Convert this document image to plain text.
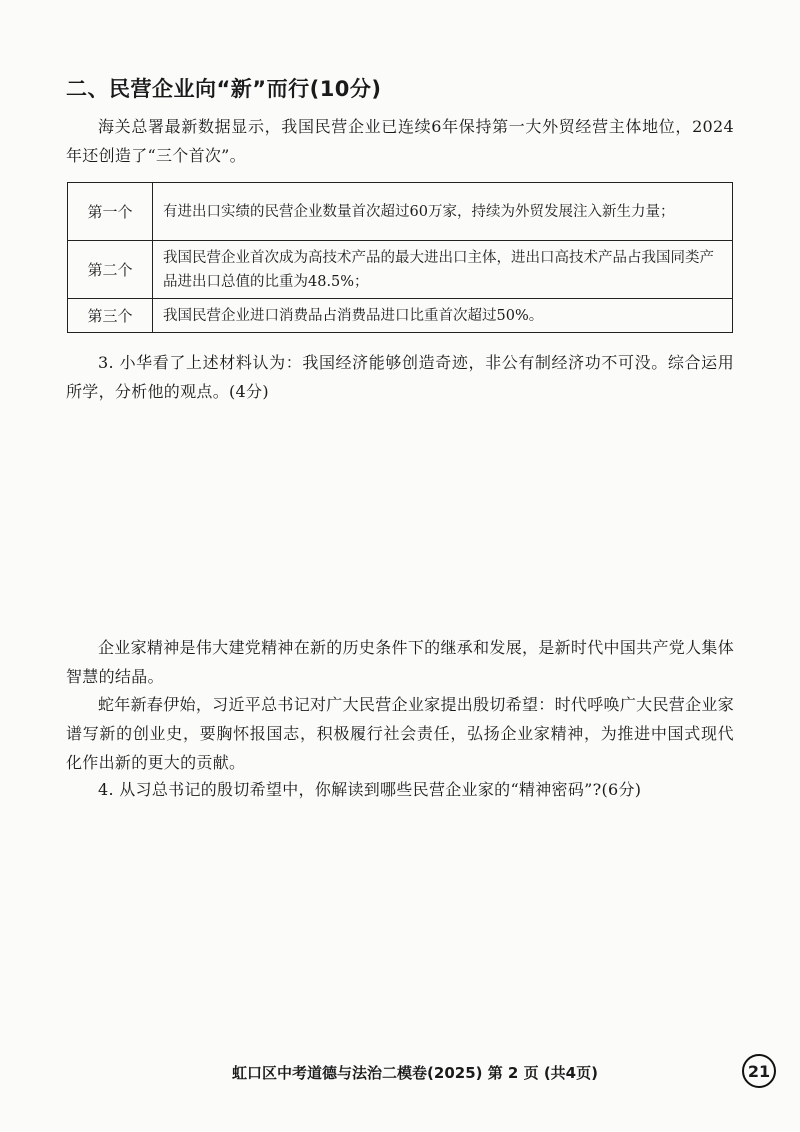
二、民营企业向“新”而行(10分)
海关总署最新数据显示，我国民营企业已连续6年保持第一大外贸经营主体地位，2024年还创造了“三个首次”。
第一个	有进出口实绩的民营企业数量首次超过60万家，持续为外贸发展注入新生力量；
第二个	我国民营企业首次成为高技术产品的最大进出口主体，进出口高技术产品占我国同类产品进出口总值的比重为48.5%；
第三个	我国民营企业进口消费品占消费品进口比重首次超过50%。
3. 小华看了上述材料认为：我国经济能够创造奇迹，非公有制经济功不可没。综合运用所学，分析他的观点。(4分)
企业家精神是伟大建党精神在新的历史条件下的继承和发展，是新时代中国共产党人集体智慧的结晶。
蛇年新春伊始，习近平总书记对广大民营企业家提出殷切希望：时代呼唤广大民营企业家谱写新的创业史，要胸怀报国志，积极履行社会责任，弘扬企业家精神，为推进中国式现代化作出新的更大的贡献。
4. 从习总书记的殷切希望中，你解读到哪些民营企业家的“精神密码”?(6分)
虹口区中考道德与法治二模卷(2025) 第 2 页 (共4页)	21
